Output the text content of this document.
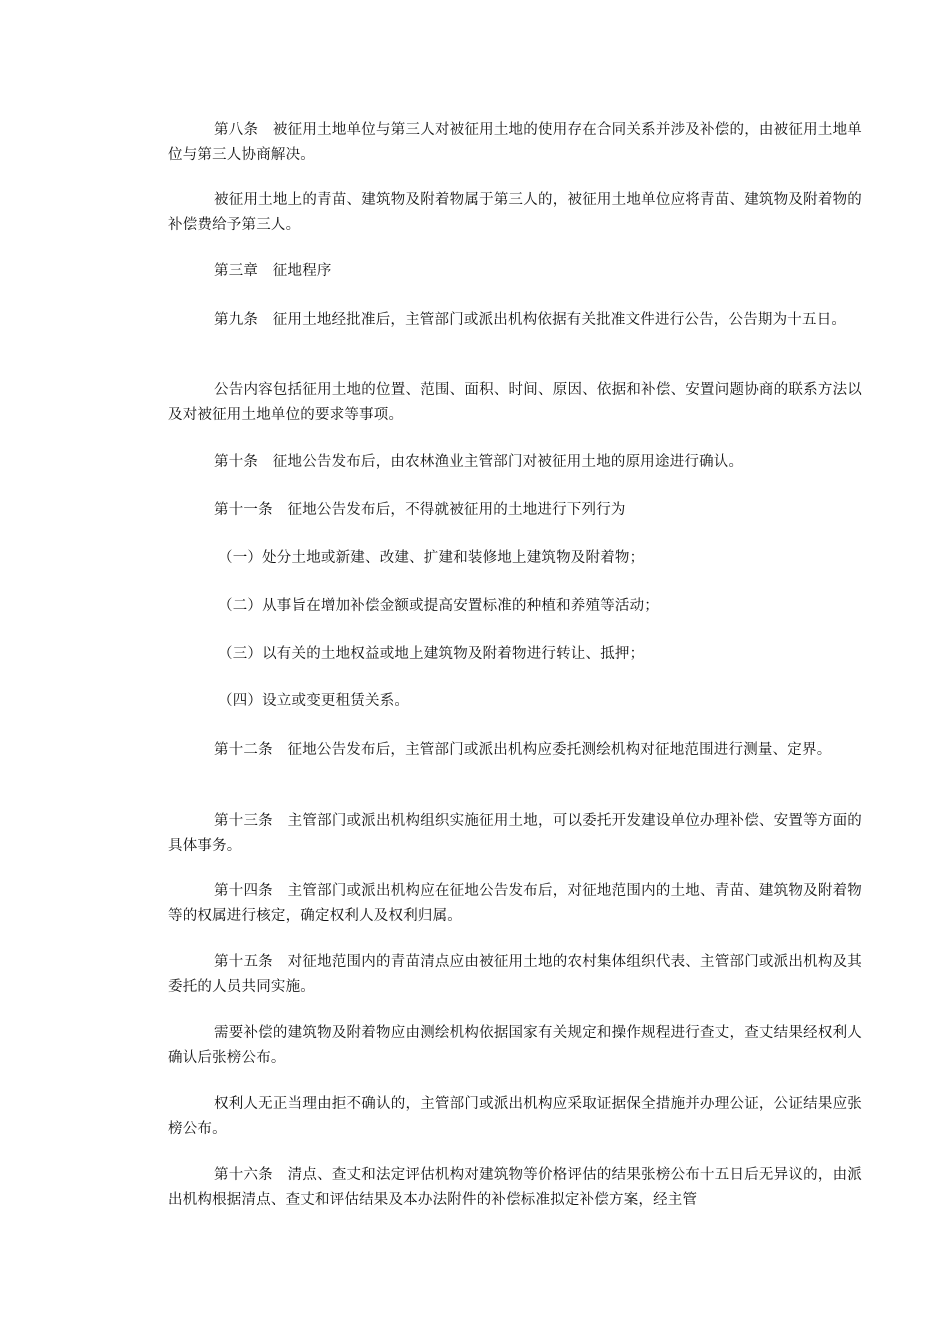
第八条　被征用土地单位与第三人对被征用土地的使用存在合同关系并涉及补偿的，由被征用土地单位与第三人协商解决。

被征用土地上的青苗、建筑物及附着物属于第三人的，被征用土地单位应将青苗、建筑物及附着物的补偿费给予第三人。

第三章　征地程序

第九条　征用土地经批准后，主管部门或派出机构依据有关批准文件进行公告，公告期为十五日。

公告内容包括征用土地的位置、范围、面积、时间、原因、依据和补偿、安置问题协商的联系方法以及对被征用土地单位的要求等事项。

第十条　征地公告发布后，由农林渔业主管部门对被征用土地的原用途进行确认。

第十一条　征地公告发布后，不得就被征用的土地进行下列行为

（一）处分土地或新建、改建、扩建和装修地上建筑物及附着物；

（二）从事旨在增加补偿金额或提高安置标准的种植和养殖等活动；

（三）以有关的土地权益或地上建筑物及附着物进行转让、抵押；

（四）设立或变更租赁关系。

第十二条　征地公告发布后，主管部门或派出机构应委托测绘机构对征地范围进行测量、定界。

第十三条　主管部门或派出机构组织实施征用土地，可以委托开发建设单位办理补偿、安置等方面的具体事务。

第十四条　主管部门或派出机构应在征地公告发布后，对征地范围内的土地、青苗、建筑物及附着物等的权属进行核定，确定权利人及权利归属。

第十五条　对征地范围内的青苗清点应由被征用土地的农村集体组织代表、主管部门或派出机构及其委托的人员共同实施。

需要补偿的建筑物及附着物应由测绘机构依据国家有关规定和操作规程进行查丈，查丈结果经权利人确认后张榜公布。

权利人无正当理由拒不确认的，主管部门或派出机构应采取证据保全措施并办理公证，公证结果应张榜公布。

第十六条　清点、查丈和法定评估机构对建筑物等价格评估的结果张榜公布十五日后无异议的，由派出机构根据清点、查丈和评估结果及本办法附件的补偿标准拟定补偿方案，经主管
